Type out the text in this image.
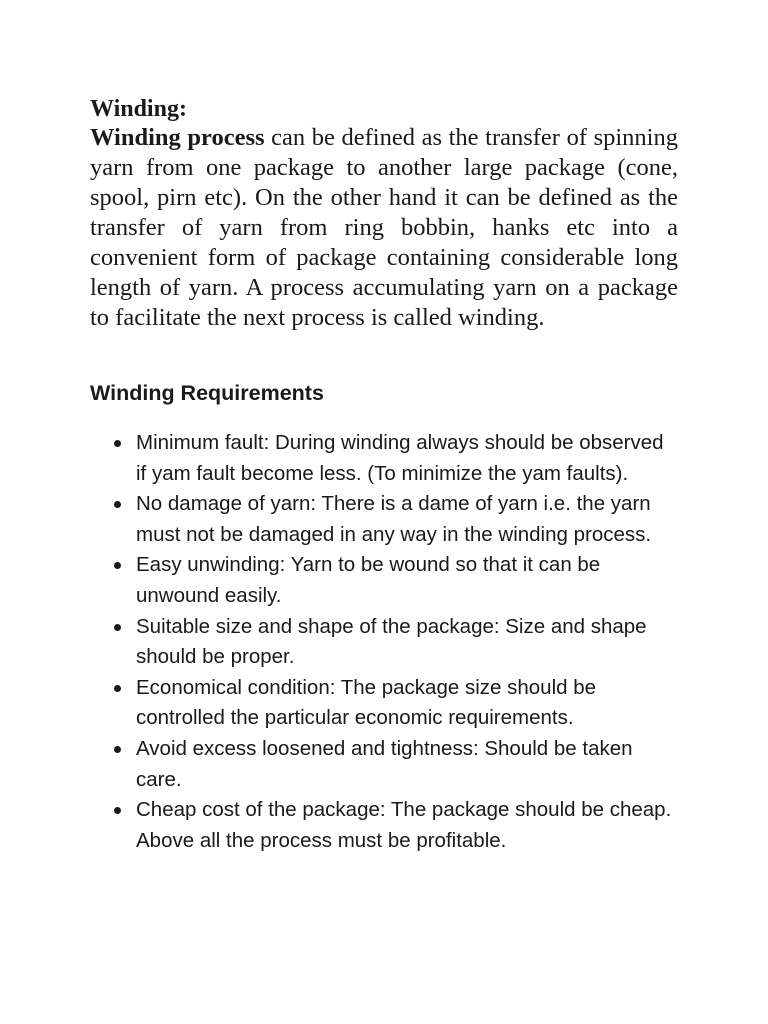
Winding:

Winding process can be defined as the transfer of spinning yarn from one package to another large package (cone, spool, pirn etc). On the other hand it can be defined as the transfer of yarn from ring bobbin, hanks etc into a convenient form of package containing considerable long length of yarn. A process accumulating yarn on a package to facilitate the next process is called winding.

Winding Requirements
Minimum fault: During winding always should be observed if yam fault become less. (To minimize the yam faults).
No damage of yarn: There is a dame of yarn i.e. the yarn must not be damaged in any way in the winding process.
Easy unwinding: Yarn to be wound so that it can be unwound easily.
Suitable size and shape of the package: Size and shape should be proper.
Economical condition: The package size should be controlled the particular economic requirements.
Avoid excess loosened and tightness: Should be taken care.
Cheap cost of the package: The package should be cheap. Above all the process must be profitable.
